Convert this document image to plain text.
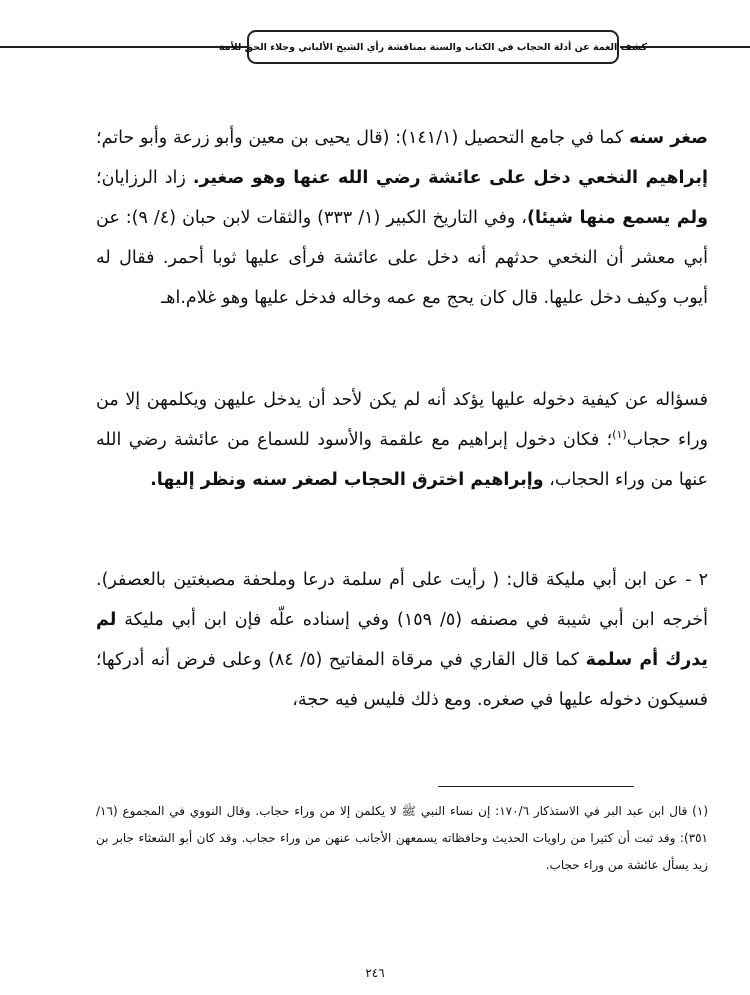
كشف الغمة عن أدلة الحجاب في الكتاب والسنة بمناقشة رأي الشيخ الألباني وجلاء الحق للأمة

صغر سنه كما في جامع التحصيل (١٤١/١): (قال يحيى بن معين وأبو زرعة وأبو حاتم؛ إبراهيم النخعي دخل على عائشة رضي الله عنها وهو صغير. زاد الرزايان؛ ولم يسمع منها شيئا)، وفي التاريخ الكبير (١/ ٣٣٣) والثقات لابن حبان (٤/ ٩): عن أبي معشر أن النخعي حدثهم أنه دخل على عائشة فرأى عليها ثوبا أحمر. فقال له أيوب وكيف دخل عليها. قال كان يحج مع عمه وخاله فدخل عليها وهو غلام.اهـ

فسؤاله عن كيفية دخوله عليها يؤكد أنه لم يكن لأحد أن يدخل عليهن ويكلمهن إلا من وراء حجاب$^{(١)}$؛ فكان دخول إبراهيم مع علقمة والأسود للسماع من عائشة رضي الله عنها من وراء الحجاب، وإبراهيم اخترق الحجاب لصغر سنه ونظر إليها.

٢ - عن ابن أبي مليكة قال: ( رأيت على أم سلمة درعا وملحفة مصبغتين بالعصفر). أخرجه ابن أبي شيبة في مصنفه (٥/ ١٥٩) وفي إسناده علّه فإن ابن أبي مليكة لم يدرك أم سلمة كما قال القاري في مرقاة المفاتيح (٥/ ٨٤) وعلى فرض أنه أدركها؛ فسيكون دخوله عليها في صغره. ومع ذلك فليس فيه حجة،

(١) قال ابن عبد البر في الاستذكار ١٧٠/٦: إن نساء النبي ﷺ لا يكلمن إلا من وراء حجاب. وقال النووي في المجموع (١٦/ ٣٥١): وقد ثبت أن كثيرا من راويات الحديث وحافظاته يسمعهن الأجانب عنهن من وراء حجاب. وقد كان أبو الشعثاء جابر بن زيد يسأل عائشة من وراء حجاب.

٢٤٦
